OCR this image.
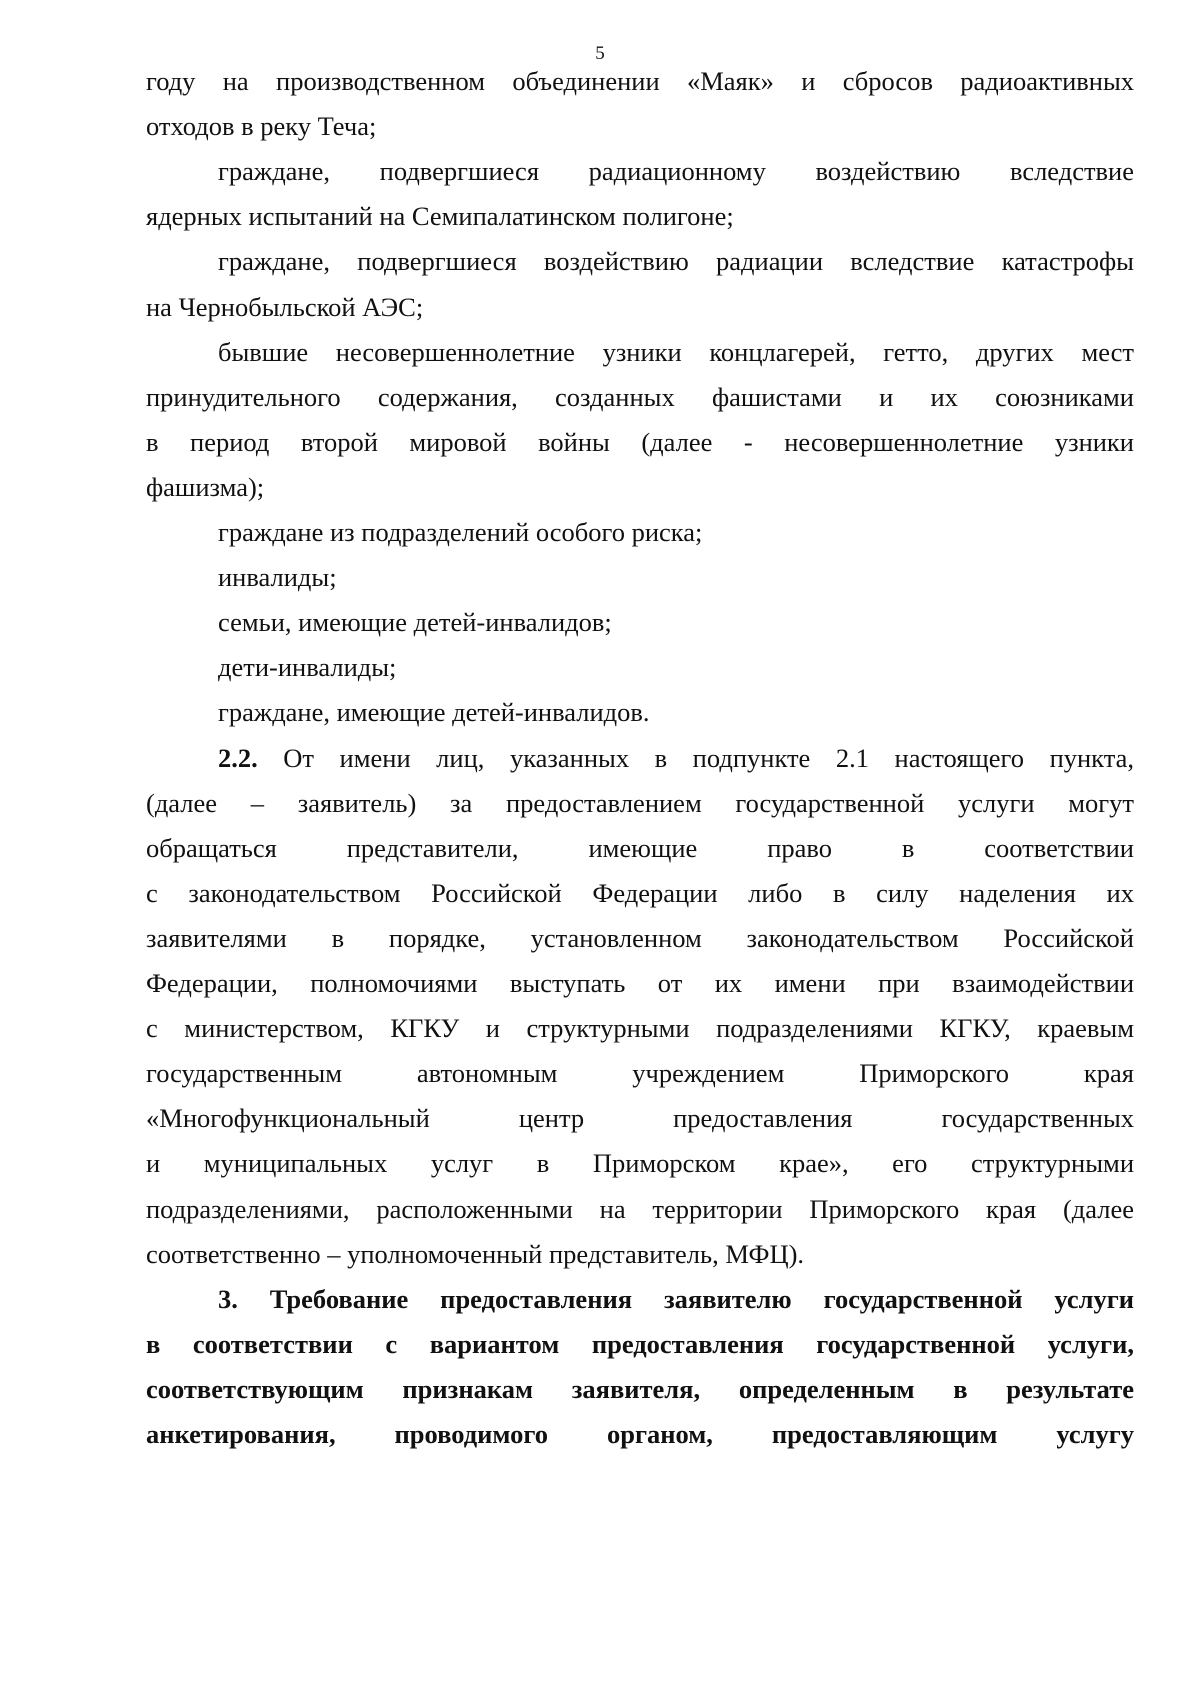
5
году на производственном объединении «Маяк» и сбросов радиоактивных
отходов в реку Теча;
граждане, подвергшиеся радиационному воздействию вследствие
ядерных испытаний на Семипалатинском полигоне;
граждане, подвергшиеся воздействию радиации вследствие катастрофы
на Чернобыльской АЭС;
бывшие несовершеннолетние узники концлагерей, гетто, других мест
принудительного содержания, созданных фашистами и их союзниками
в период второй мировой войны (далее - несовершеннолетние узники
фашизма);
граждане из подразделений особого риска;
инвалиды;
семьи, имеющие детей-инвалидов;
дети-инвалиды;
граждане, имеющие детей-инвалидов.
2.2. От имени лиц, указанных в подпункте 2.1 настоящего пункта,
(далее – заявитель) за предоставлением государственной услуги могут
обращаться представители, имеющие право в соответствии
с законодательством Российской Федерации либо в силу наделения их
заявителями в порядке, установленном законодательством Российской
Федерации, полномочиями выступать от их имени при взаимодействии
с министерством, КГКУ и структурными подразделениями КГКУ, краевым
государственным автономным учреждением Приморского края
«Многофункциональный центр предоставления государственных
и муниципальных услуг в Приморском крае», его структурными
подразделениями, расположенными на территории Приморского края (далее
соответственно – уполномоченный представитель, МФЦ).
3. Требование предоставления заявителю государственной услуги
в соответствии с вариантом предоставления государственной услуги,
соответствующим признакам заявителя, определенным в результате
анкетирования, проводимого органом, предоставляющим услугу
